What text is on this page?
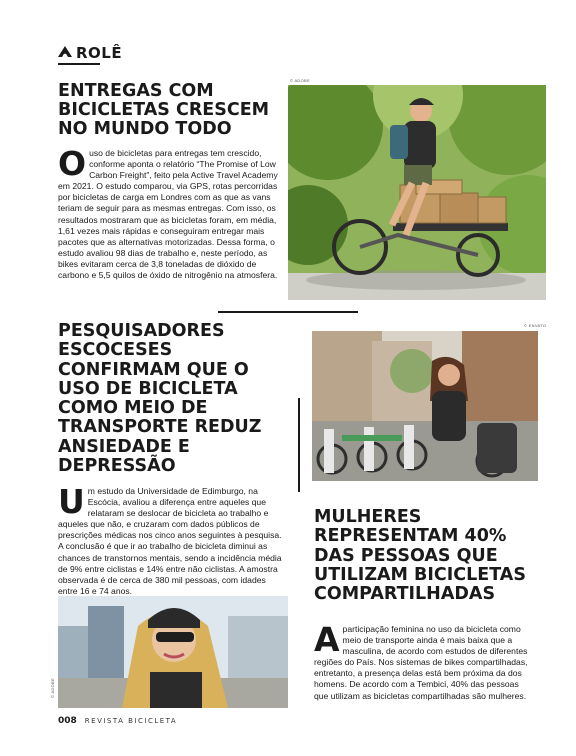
ROLÊ
ENTREGAS COM BICICLETAS CRESCEM NO MUNDO TODO

Ouso de bicicletas para entregas tem crescido, conforme aponta o relatório “The Promise of Low Carbon Freight”, feito pela Active Travel Academy em 2021. O estudo comparou, via GPS, rotas percorridas por bicicletas de carga em Londres com as que as vans teriam de seguir para as mesmas entregas. Com isso, os resultados mostraram que as bicicletas foram, em média, 1,61 vezes mais rápidas e conseguiram entregar mais pacotes que as alternativas motorizadas. Dessa forma, o estudo avaliou 98 dias de trabalho e, neste período, as bikes evitaram cerca de 3,8 toneladas de dióxido de carbono e 5,5 quilos de óxido de nitrogênio na atmosfera.

© ADOBE
PESQUISADORES ESCOCESES CONFIRMAM QUE O USO DE BICICLETA COMO MEIO DE TRANSPORTE REDUZ ANSIEDADE E DEPRESSÃO

Um estudo da Universidade de Edimburgo, na Escócia, avaliou a diferença entre aqueles que relataram se deslocar de bicicleta ao trabalho e aqueles que não, e cruzaram com dados públicos de prescrições médicas nos cinco anos seguintes à pesquisa. A conclusão é que ir ao trabalho de bicicleta diminui as chances de transtornos mentais, sendo a incidência média de 9% entre ciclistas e 14% entre não ciclistas. A amostra observada é de cerca de 380 mil pessoas, com idades entre 16 e 74 anos.

© ENVATO
MULHERES REPRESENTAM 40% DAS PESSOAS QUE UTILIZAM BICICLETAS COMPARTILHADAS

Aparticipação feminina no uso da bicicleta como meio de transporte ainda é mais baixa que a masculina, de acordo com estudos de diferentes regiões do País. Nos sistemas de bikes compartilhadas, entretanto, a presença delas está bem próxima da dos homens. De acordo com a Tembici, 40% das pessoas que utilizam as bicicletas compartilhadas são mulheres.

© ADOBE
008 REVISTA BICICLETA
